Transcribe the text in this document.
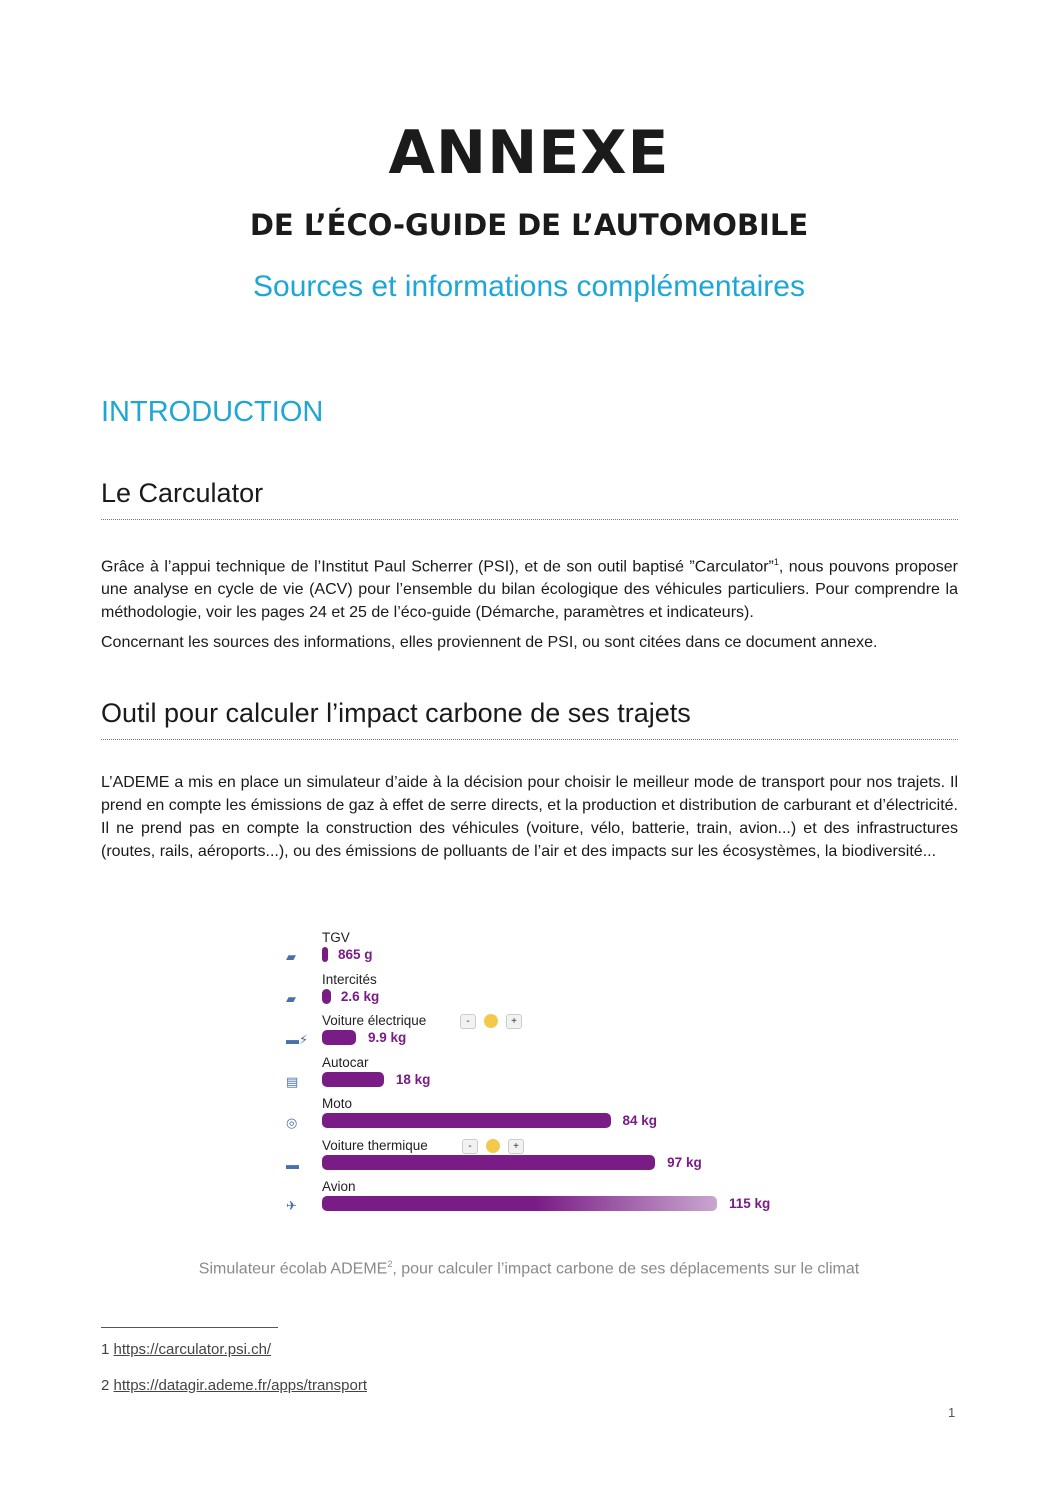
ANNEXE
DE L’ÉCO-GUIDE DE L’AUTOMOBILE

Sources et informations complémentaires

INTRODUCTION
Le Carculator

Grâce à l’appui technique de l’Institut Paul Scherrer (PSI), et de son outil baptisé ”Carculator”$^1$, nous pouvons proposer une analyse en cycle de vie (ACV) pour l’ensemble du bilan écologique des véhicules particuliers. Pour comprendre la méthodologie, voir les pages 24 et 25 de l’éco-guide (Démarche, paramètres et indicateurs).

Concernant les sources des informations, elles proviennent de PSI, ou sont citées dans ce document annexe.

Outil pour calculer l’impact carbone de ses trajets

L’ADEME a mis en place un simulateur d’aide à la décision pour choisir le meilleur mode de transport pour nos trajets. Il prend en compte les émissions de gaz à effet de serre directs, et la production et distribution de carburant et d’électricité. Il ne prend pas en compte la construction des véhicules (voiture, vélo, batterie, train, avion...) et des infrastructures (routes, rails, aéroports...), ou des émissions de polluants de l’air et des impacts sur les écosystèmes, la biodiversité...

▰
TGV
865 g
▰
Intercités
2.6 kg
▬⚡
Voiture électrique
9.9 kg
-	+
▤
Autocar
18 kg
◎
Moto
84 kg
▬
Voiture thermique
97 kg
-	+
✈
Avion
115 kg

Simulateur écolab ADEME$^2$, pour calculer l’impact carbone de ses déplacements sur le climat

1 https://carculator.psi.ch/

2 https://datagir.ademe.fr/apps/transport

1
